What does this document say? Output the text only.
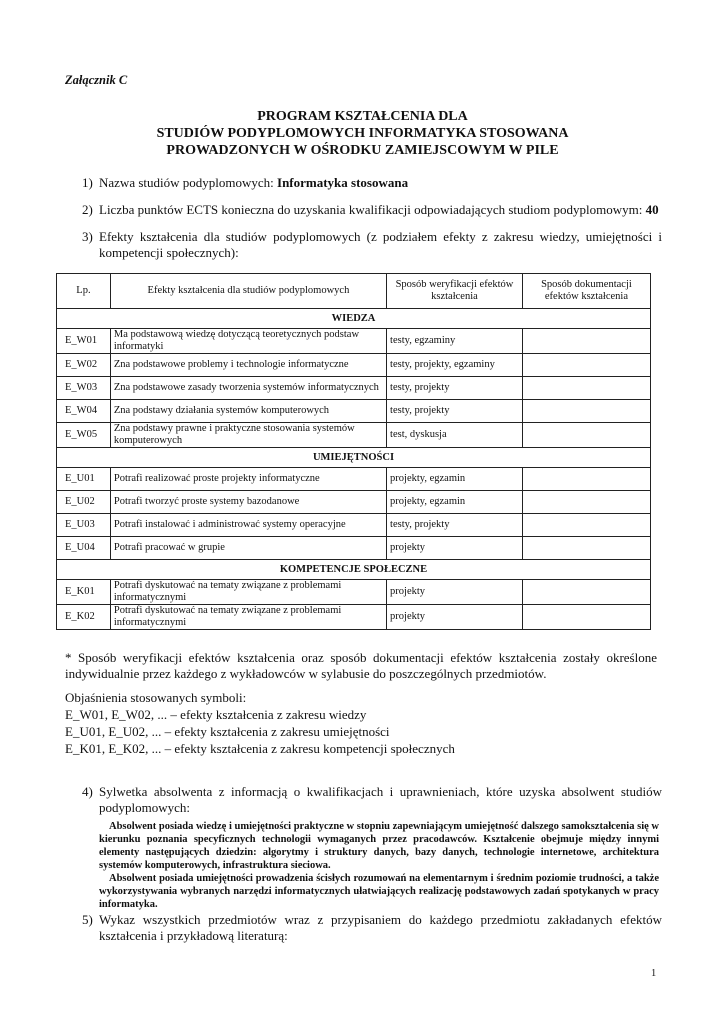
Załącznik C
PROGRAM KSZTAŁCENIA DLA
STUDIÓW PODYPLOMOWYCH INFORMATYKA STOSOWANA
PROWADZONYCH W OŚRODKU ZAMIEJSCOWYM W PILE
1) Nazwa studiów podyplomowych: Informatyka stosowana
2) Liczba punktów ECTS konieczna do uzyskania kwalifikacji odpowiadających studiom podyplomowym: 40
3) Efekty kształcenia dla studiów podyplomowych (z podziałem efekty z zakresu wiedzy, umiejętności i kompetencji społecznych):
Lp.	Efekty kształcenia dla studiów podyplomowych	Sposób weryfikacji efektów kształcenia	Sposób dokumentacji efektów kształcenia
WIEDZA			
E_W01	Ma podstawową wiedzę dotyczącą teoretycznych podstaw informatyki	testy, egzaminy	
E_W02	Zna podstawowe problemy i technologie informatyczne	testy, projekty, egzaminy	
E_W03	Zna podstawowe zasady tworzenia systemów informatycznych	testy, projekty	
E_W04	Zna podstawy działania systemów komputerowych	testy, projekty	
E_W05	Zna podstawy prawne i praktyczne stosowania systemów komputerowych	test, dyskusja	
UMIEJĘTNOŚCI			
E_U01	Potrafi realizować proste projekty informatyczne	projekty, egzamin	
E_U02	Potrafi tworzyć proste systemy bazodanowe	projekty, egzamin	
E_U03	Potrafi instalować i administrować systemy operacyjne	testy, projekty	
E_U04	Potrafi pracować w grupie	projekty	
KOMPETENCJE SPOŁECZNE			
E_K01	Potrafi dyskutować na tematy związane z problemami informatycznymi	projekty	
E_K02	Potrafi dyskutować na tematy związane z problemami informatycznymi	projekty	
* Sposób weryfikacji efektów kształcenia oraz sposób dokumentacji efektów kształcenia zostały określone indywidualnie przez każdego z wykładowców w sylabusie do poszczególnych przedmiotów.
Objaśnienia stosowanych symboli:
E_W01, E_W02, ... – efekty kształcenia z zakresu wiedzy
E_U01, E_U02, ... – efekty kształcenia z zakresu umiejętności
E_K01, E_K02, ... – efekty kształcenia z zakresu kompetencji społecznych
4) Sylwetka absolwenta z informacją o kwalifikacjach i uprawnieniach, które uzyska absolwent studiów podyplomowych:

Absolwent posiada wiedzę i umiejętności praktyczne w stopniu zapewniającym umiejętność dalszego samokształcenia się w kierunku poznania specyficznych technologii wymaganych przez pracodawców. Kształcenie obejmuje między innymi elementy następujących dziedzin: algorytmy i struktury danych, bazy danych, technologie internetowe, architektura systemów komputerowych, infrastruktura sieciowa.

Absolwent posiada umiejętności prowadzenia ścisłych rozumowań na elementarnym i średnim poziomie trudności, a także wykorzystywania wybranych narzędzi informatycznych ułatwiających realizację podstawowych zadań spotykanych w pracy informatyka.

5) Wykaz wszystkich przedmiotów wraz z przypisaniem do każdego przedmiotu zakładanych efektów kształcenia i przykładową literaturą:
1
